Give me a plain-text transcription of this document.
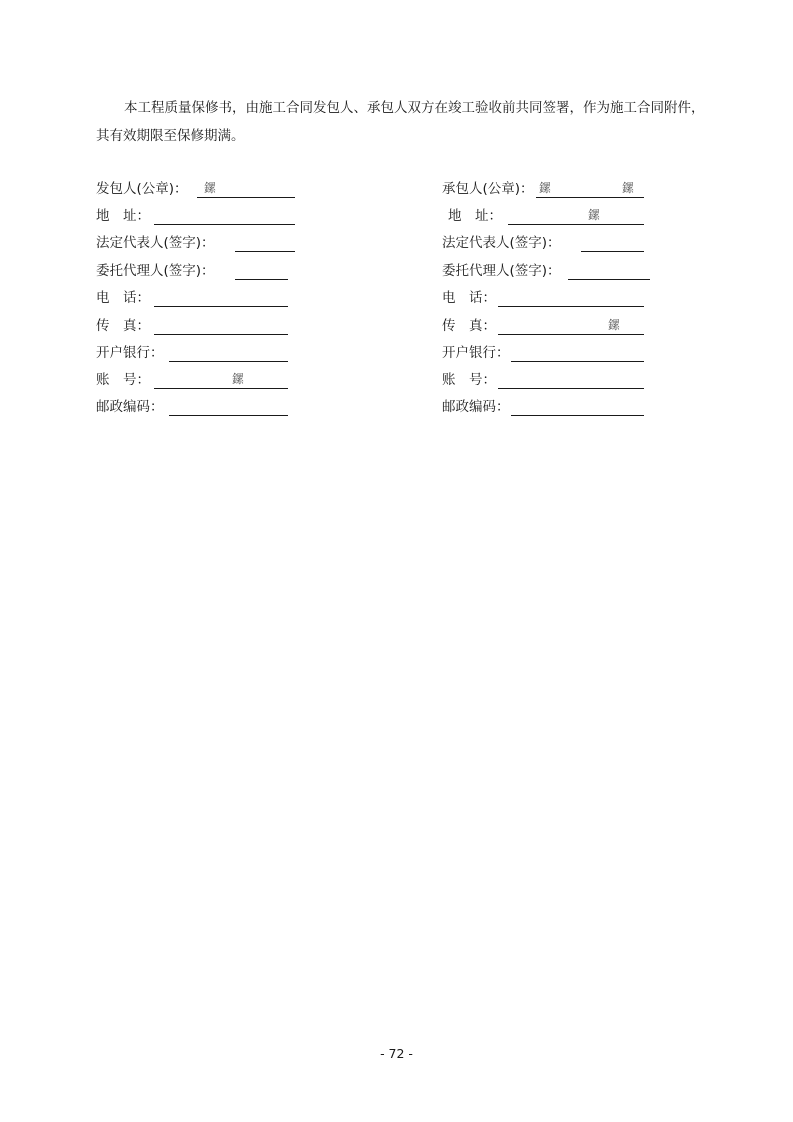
本工程质量保修书，由施工合同发包人、承包人双方在竣工验收前共同签署，作为施工合同附件，
其有效期限至保修期满。
发包人(公章)： 鏍
地　址：
法定代表人(签字)：
委托代理人(签字)：
电　话：
传　真：
开户银行：
账　号：	鏍
邮政编码：
承包人(公章)： 鏍	鏍
地　址：	鏍
法定代表人(签字)：
委托代理人(签字)：
电　话：
传　真：	鏍
开户银行：
账　号：
邮政编码：
- 72 -
